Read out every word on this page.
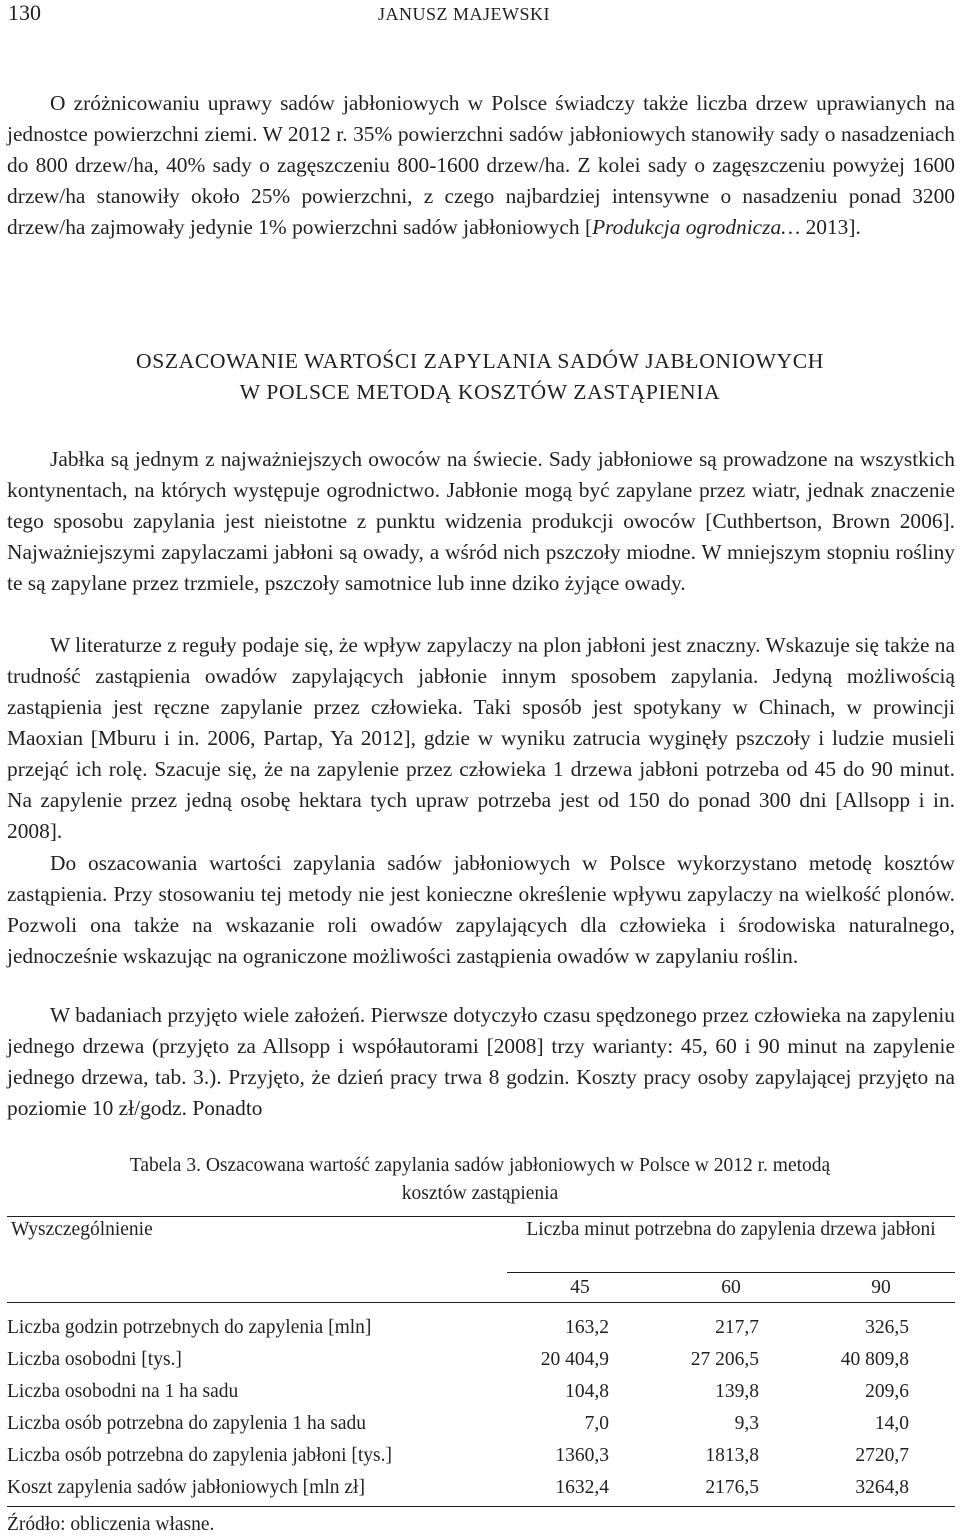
130	JANUSZ MAJEWSKI

O zróżnicowaniu uprawy sadów jabłoniowych w Polsce świadczy także liczba drzew uprawianych na jednostce powierzchni ziemi. W 2012 r. 35% powierzchni sadów jabłoniowych stanowiły sady o nasadzeniach do 800 drzew/ha, 40% sady o zagęszczeniu 800-1600 drzew/ha. Z kolei sady o zagęszczeniu powyżej 1600 drzew/ha stanowiły około 25% powierzchni, z czego najbardziej intensywne o nasadzeniu ponad 3200 drzew/ha zajmowały jedynie 1% powierzchni sadów jabłoniowych [Produkcja ogrodnicza… 2013].

OSZACOWANIE WARTOŚCI ZAPYLANIA SADÓW JABŁONIOWYCH
W POLSCE METODĄ KOSZTÓW ZASTĄPIENIA

Jabłka są jednym z najważniejszych owoców na świecie. Sady jabłoniowe są prowadzone na wszystkich kontynentach, na których występuje ogrodnictwo. Jabłonie mogą być zapylane przez wiatr, jednak znaczenie tego sposobu zapylania jest nieistotne z punktu widzenia produkcji owoców [Cuthbertson, Brown 2006]. Najważniejszymi zapylaczami jabłoni są owady, a wśród nich pszczoły miodne. W mniejszym stopniu rośliny te są zapylane przez trzmiele, pszczoły samotnice lub inne dziko żyjące owady.

W literaturze z reguły podaje się, że wpływ zapylaczy na plon jabłoni jest znaczny. Wskazuje się także na trudność zastąpienia owadów zapylających jabłonie innym sposobem zapylania. Jedyną możliwością zastąpienia jest ręczne zapylanie przez człowieka. Taki sposób jest spotykany w Chinach, w prowincji Maoxian [Mburu i in. 2006, Partap, Ya 2012], gdzie w wyniku zatrucia wyginęły pszczoły i ludzie musieli przejąć ich rolę. Szacuje się, że na zapylenie przez człowieka 1 drzewa jabłoni potrzeba od 45 do 90 minut. Na zapylenie przez jedną osobę hektara tych upraw potrzeba jest od 150 do ponad 300 dni [Allsopp i in. 2008].

Do oszacowania wartości zapylania sadów jabłoniowych w Polsce wykorzystano metodę kosztów zastąpienia. Przy stosowaniu tej metody nie jest konieczne określenie wpływu zapylaczy na wielkość plonów. Pozwoli ona także na wskazanie roli owadów zapylających dla człowieka i środowiska naturalnego, jednocześnie wskazując na ograniczone możliwości zastąpienia owadów w zapylaniu roślin.

W badaniach przyjęto wiele założeń. Pierwsze dotyczyło czasu spędzonego przez człowieka na zapyleniu jednego drzewa (przyjęto za Allsopp i współautorami [2008] trzy warianty: 45, 60 i 90 minut na zapylenie jednego drzewa, tab. 3.). Przyjęto, że dzień pracy trwa 8 godzin. Koszty pracy osoby zapylającej przyjęto na poziomie 10 zł/godz. Ponadto

Tabela 3. Oszacowana wartość zapylania sadów jabłoniowych w Polsce w 2012 r. metodą
kosztów zastąpienia
Wyszczególnienie	Liczba minut potrzebna do zapylenia drzewa jabłoni
45	60	90
Liczba godzin potrzebnych do zapylenia [mln]	163,2	217,7	326,5
Liczba osobodni [tys.]	20 404,9	27 206,5	40 809,8
Liczba osobodni na 1 ha sadu	104,8	139,8	209,6
Liczba osób potrzebna do zapylenia 1 ha sadu	7,0	9,3	14,0
Liczba osób potrzebna do zapylenia jabłoni [tys.]	1360,3	1813,8	2720,7
Koszt zapylenia sadów jabłoniowych [mln zł]	1632,4	2176,5	3264,8
Źródło: obliczenia własne.
